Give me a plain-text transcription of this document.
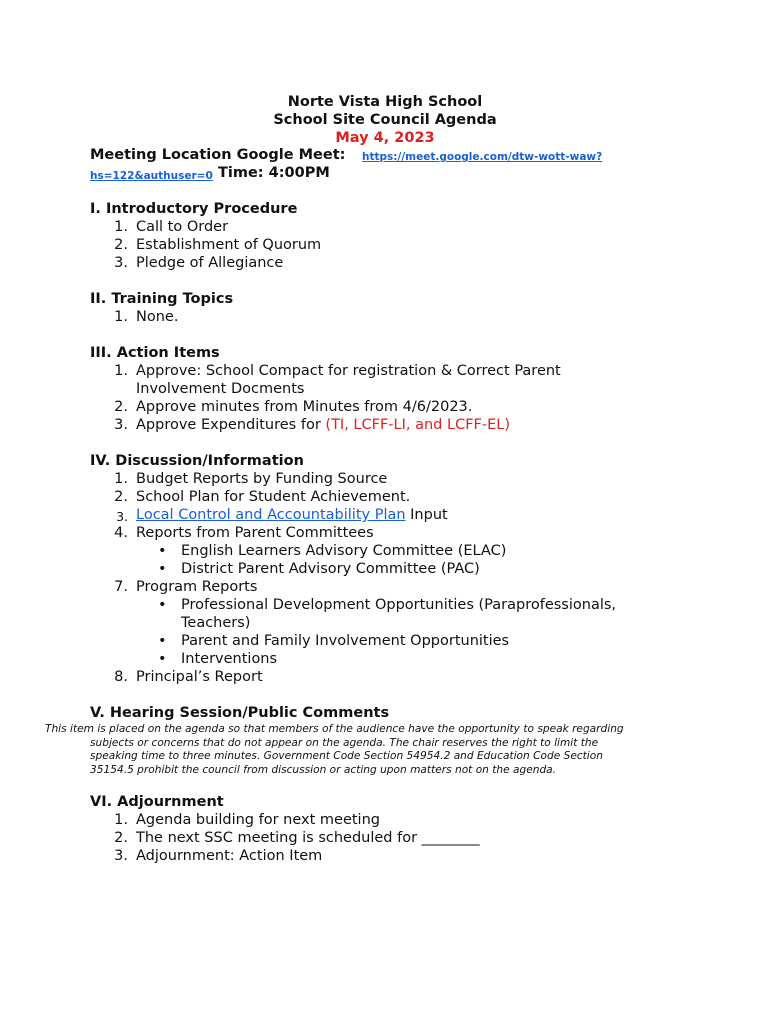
Norte Vista High School
School Site Council Agenda
May 4, 2023
Meeting Location Google Meet: https://meet.google.com/dtw-wott-waw?
hs=122&authuser=0 Time: 4:00PM
I. Introductory Procedure
1. Call to Order
2. Establishment of Quorum
3. Pledge of Allegiance
II. Training Topics
1. None.
III. Action Items
1. Approve: School Compact for registration & Correct Parent
Involvement Docments
2. Approve minutes from Minutes from 4/6/2023.
3. Approve Expenditures for (TI, LCFF-LI, and LCFF-EL)
IV. Discussion/Information
1. Budget Reports by Funding Source
2. School Plan for Student Achievement.
3. Local Control and Accountability Plan Input
4. Reports from Parent Committees
• English Learners Advisory Committee (ELAC)
• District Parent Advisory Committee (PAC)
7. Program Reports
• Professional Development Opportunities (Paraprofessionals,
Teachers)
• Parent and Family Involvement Opportunities
• Interventions
8. Principal’s Report
V. Hearing Session/Public Comments
This item is placed on the agenda so that members of the audience have the opportunity to speak regarding
subjects or concerns that do not appear on the agenda. The chair reserves the right to limit the
speaking time to three minutes. Government Code Section 54954.2 and Education Code Section
35154.5 prohibit the council from discussion or acting upon matters not on the agenda.
VI. Adjournment
1. Agenda building for next meeting
2. The next SSC meeting is scheduled for ________
3. Adjournment: Action Item
